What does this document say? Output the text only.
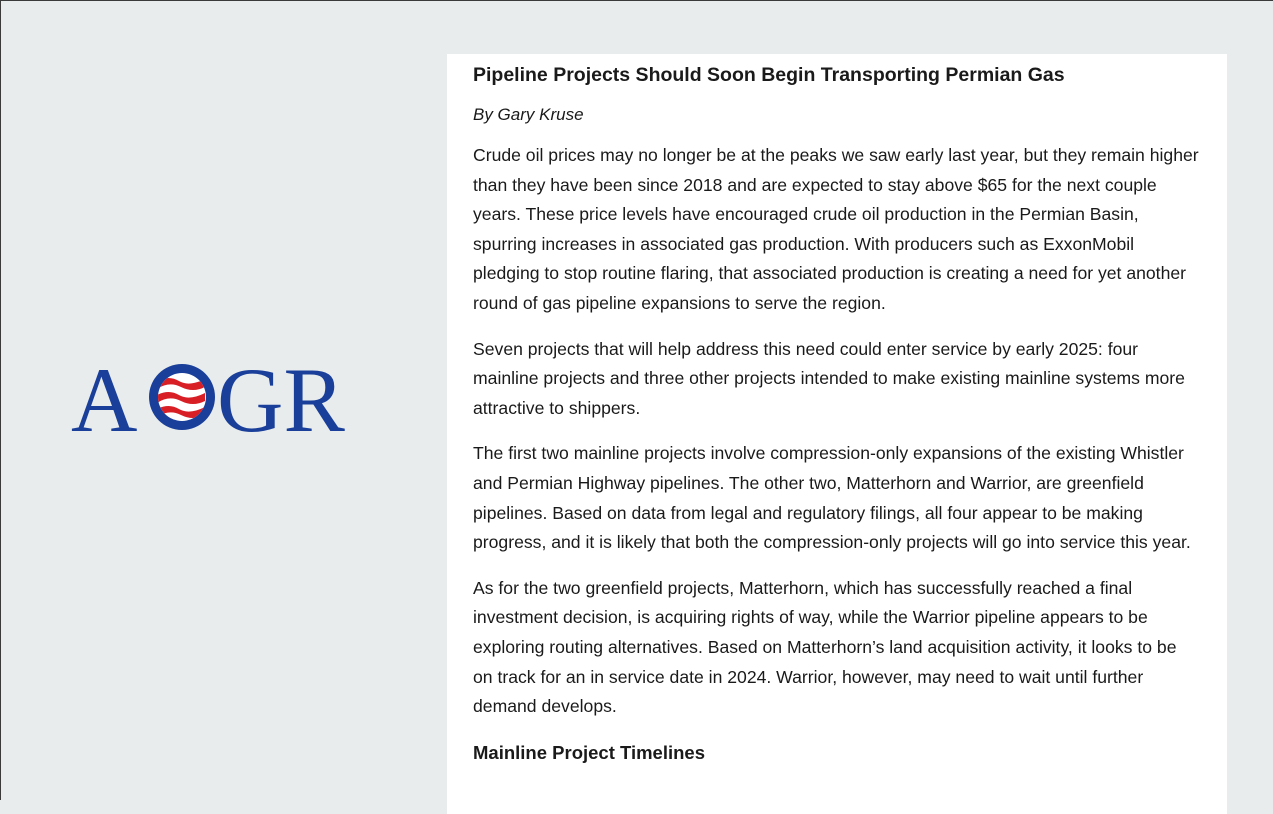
A GR
Pipeline Projects Should Soon Begin Transporting Permian Gas

By Gary Kruse

Crude oil prices may no longer be at the peaks we saw early last year, but they remain higher than they have been since 2018 and are expected to stay above $65 for the next couple years. These price levels have encouraged crude oil production in the Permian Basin, spurring increases in associated gas production. With producers such as ExxonMobil pledging to stop routine flaring, that associated production is creating a need for yet another round of gas pipeline expansions to serve the region.

Seven projects that will help address this need could enter service by early 2025: four mainline projects and three other projects intended to make existing mainline systems more attractive to shippers.

The first two mainline projects involve compression-only expansions of the existing Whistler and Permian Highway pipelines. The other two, Matterhorn and Warrior, are greenfield pipelines. Based on data from legal and regulatory filings, all four appear to be making progress, and it is likely that both the compression-only projects will go into service this year.

As for the two greenfield projects, Matterhorn, which has successfully reached a final investment decision, is acquiring rights of way, while the Warrior pipeline appears to be exploring routing alternatives. Based on Matterhorn’s land acquisition activity, it looks to be on track for an in service date in 2024. Warrior, however, may need to wait until further demand develops.

Mainline Project Timelines
